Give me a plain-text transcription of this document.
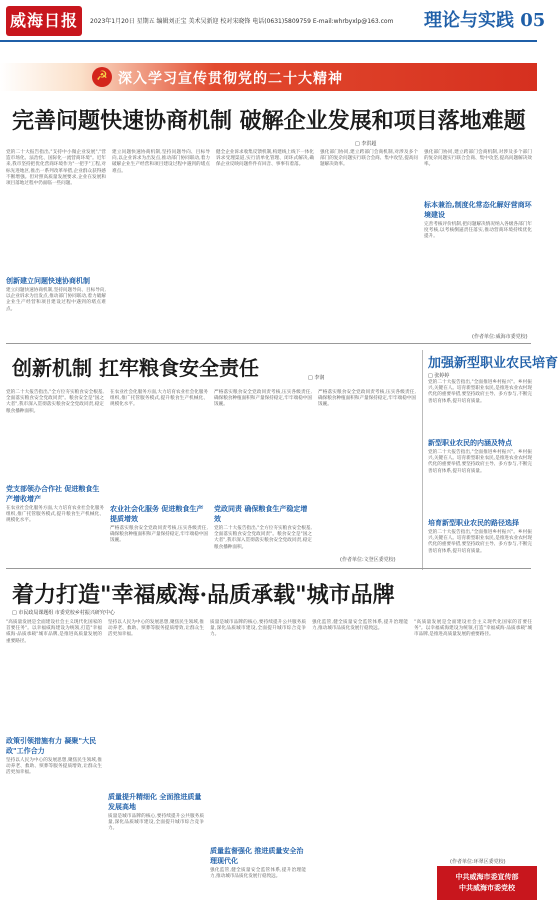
威海日报	2023年1月20日 星期五 编辑刘正宝 美术吴新迎 校对宋晓锋 电话(0631)5809759 E-mail:whrbyxlp@163.com	理论与实践 05
☭ 深入学习宣传贯彻党的二十大精神
完善问题快速协商机制 破解企业发展和项目落地难题
□ 李洪超
党的二十大报告指出,"支持中小微企业发展","营造市场化、法治化、国际化一流营商环境"。近年来,我市坚持把优化营商环境作为"一把手"工程,对标先进地区,推出一系列改革举措,企业群众获得感不断增强。但对照高质量发展要求,企业在发展和项目落地过程中仍面临一些问题。
创新建立问题快速协商机制
建立问题快速协商机制,坚持问题导向、目标导向,以企业诉求为出发点,推动部门协同联动,着力破解企业生产经营和项目建设过程中遇到的堵点难点。
建立问题快速协商机制,坚持问题导向、目标导向,以企业诉求为出发点,推动部门协同联动,着力破解企业生产经营和项目建设过程中遇到的堵点难点。
健全企业诉求收集反馈机制,构建线上线下一体化诉求受理渠道,实行清单化管理、闭环式解决,确保企业反映问题件件有回音、事事有着落。
强化部门协同,建立跨部门会商机制,对涉及多个部门的复杂问题实行联合会商、集中攻坚,提高问题解决效率。
标本兼治,制度化常态化解好营商环境建设
强化部门协同,建立跨部门会商机制,对涉及多个部门的复杂问题实行联合会商、集中攻坚,提高问题解决效率。
完善考核评价机制,把问题解决情况纳入各级各部门年度考核,以考核倒逼责任落实,推动营商环境持续优化提升。
(作者单位:威海市委党校)
创新机制 扛牢粮食安全责任	□ 李润
党的二十大报告指出,"全方位夯实粮食安全根基,全面落实粮食安全党政同责"。粮食安全是"国之大者",我市深入贯彻落实粮食安全党政同责,稳定粮食播种面积。
党支部领办合作社 促进粮食生产增收增产
在农业社会化服务方面,大力培育农业社会化服务组织,推广托管服务模式,提升粮食生产机械化、规模化水平。
在农业社会化服务方面,大力培育农业社会化服务组织,推广托管服务模式,提升粮食生产机械化、规模化水平。
农业社会化服务 促进粮食生产提质增效
严格落实粮食安全党政同责考核,压实各级责任,确保粮食种植面积和产量保持稳定,牢牢端稳中国饭碗。
严格落实粮食安全党政同责考核,压实各级责任,确保粮食种植面积和产量保持稳定,牢牢端稳中国饭碗。
党政同责 确保粮食生产稳定增效
党的二十大报告指出,"全方位夯实粮食安全根基,全面落实粮食安全党政同责"。粮食安全是"国之大者",我市深入贯彻落实粮食安全党政同责,稳定粮食播种面积。
严格落实粮食安全党政同责考核,压实各级责任,确保粮食种植面积和产量保持稳定,牢牢端稳中国饭碗。
(作者单位:文登区委党校)
加强新型职业农民培育
□ 张婷婷
党的二十大报告指出,"全面推进乡村振兴"。乡村振兴,关键在人。培育新型职业农民,是推进农业农村现代化的重要举措,要坚持政府主导、多方参与,不断完善培育体系,提升培育质量。
新型职业农民的内涵及特点
党的二十大报告指出,"全面推进乡村振兴"。乡村振兴,关键在人。培育新型职业农民,是推进农业农村现代化的重要举措,要坚持政府主导、多方参与,不断完善培育体系,提升培育质量。
培育新型职业农民的路径选择
党的二十大报告指出,"全面推进乡村振兴"。乡村振兴,关键在人。培育新型职业农民,是推进农业农村现代化的重要举措,要坚持政府主导、多方参与,不断完善培育体系,提升培育质量。
着力打造"幸福威海·品质承载"城市品牌
□ 市民政局课题组 市委党校乡村振兴研究中心
"高质量发展是全面建设社会主义现代化国家的首要任务"。以幸福威海建设为统领,打造"幸福威海·品质承载"城市品牌,是推进高质量发展的重要路径。
政策引领措施有力 凝聚"大民政"工作合力
坚持以人民为中心的发展思想,聚焦民生领域,推动养老、救助、殡葬等服务提质增效,让群众生活更加幸福。
坚持以人民为中心的发展思想,聚焦民生领域,推动养老、救助、殡葬等服务提质增效,让群众生活更加幸福。
质量提升精细化 全面推进质量发展高地
质量是城市品牌的核心,要持续提升公共服务质量,深化品质城市建设,全面提升城市综合竞争力。
质量是城市品牌的核心,要持续提升公共服务质量,深化品质城市建设,全面提升城市综合竞争力。
质量监督强化 推进质量安全治理现代化
强化监管,健全质量安全监管体系,提升治理能力,推动城市品质化发展行稳致远。
强化监管,健全质量安全监管体系,提升治理能力,推动城市品质化发展行稳致远。
"高质量发展是全面建设社会主义现代化国家的首要任务"。以幸福威海建设为统领,打造"幸福威海·品质承载"城市品牌,是推进高质量发展的重要路径。
(作者单位:环翠区委党校)
中共威海市委宣传部
中共威海市委党校
